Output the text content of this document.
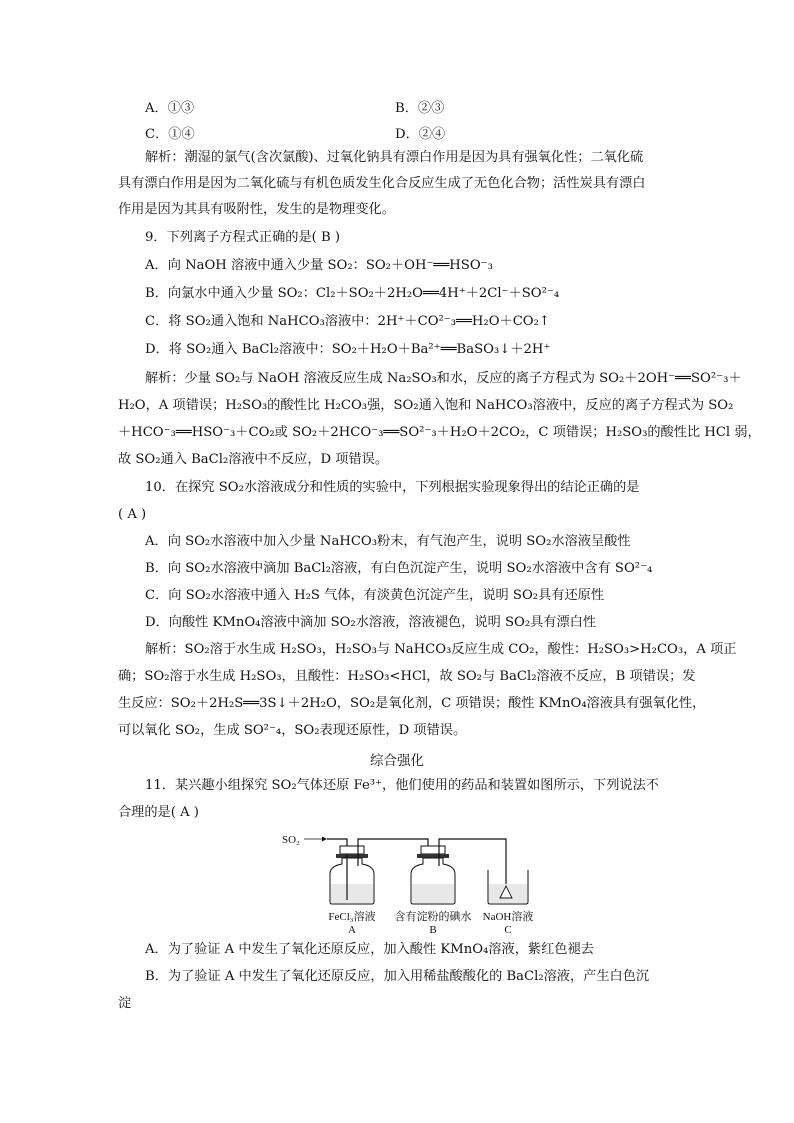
A．①③	B．②③
C．①④	D．②④
解析：潮湿的氯气(含次氯酸)、过氧化钠具有漂白作用是因为具有强氧化性；二氧化硫
具有漂白作用是因为二氧化硫与有机色质发生化合反应生成了无色化合物；活性炭具有漂白
作用是因为其具有吸附性，发生的是物理变化。
9．下列离子方程式正确的是( B )
A．向 NaOH 溶液中通入少量 SO₂：SO₂＋OH⁻══HSO⁻₃
B．向氯水中通入少量 SO₂：Cl₂＋SO₂＋2H₂O══4H⁺＋2Cl⁻＋SO²⁻₄
C．将 SO₂通入饱和 NaHCO₃溶液中：2H⁺＋CO²⁻₃══H₂O＋CO₂↑
D．将 SO₂通入 BaCl₂溶液中：SO₂＋H₂O＋Ba²⁺══BaSO₃↓＋2H⁺
解析：少量 SO₂与 NaOH 溶液反应生成 Na₂SO₃和水，反应的离子方程式为 SO₂＋2OH⁻══SO²⁻₃＋
H₂O，A 项错误；H₂SO₃的酸性比 H₂CO₃强，SO₂通入饱和 NaHCO₃溶液中，反应的离子方程式为 SO₂
＋HCO⁻₃══HSO⁻₃＋CO₂或 SO₂＋2HCO⁻₃══SO²⁻₃＋H₂O＋2CO₂，C 项错误；H₂SO₃的酸性比 HCl 弱，
故 SO₂通入 BaCl₂溶液中不反应，D 项错误。
10．在探究 SO₂水溶液成分和性质的实验中，下列根据实验现象得出的结论正确的是
( A )
A．向 SO₂水溶液中加入少量 NaHCO₃粉末，有气泡产生，说明 SO₂水溶液呈酸性
B．向 SO₂水溶液中滴加 BaCl₂溶液，有白色沉淀产生，说明 SO₂水溶液中含有 SO²⁻₄
C．向 SO₂水溶液中通入 H₂S 气体，有淡黄色沉淀产生，说明 SO₂具有还原性
D．向酸性 KMnO₄溶液中滴加 SO₂水溶液，溶液褪色，说明 SO₂具有漂白性
解析：SO₂溶于水生成 H₂SO₃，H₂SO₃与 NaHCO₃反应生成 CO₂，酸性：H₂SO₃>H₂CO₃，A 项正
确；SO₂溶于水生成 H₂SO₃，且酸性：H₂SO₃<HCl，故 SO₂与 BaCl₂溶液不反应，B 项错误；发
生反应：SO₂＋2H₂S══3S↓＋2H₂O，SO₂是氧化剂，C 项错误；酸性 KMnO₄溶液具有强氧化性，
可以氧化 SO₂，生成 SO²⁻₄，SO₂表现还原性，D 项错误。
综合强化
11．某兴趣小组探究 SO₂气体还原 Fe³⁺，他们使用的药品和装置如图所示，下列说法不
合理的是( A )
SO₂
FeCl₃溶液
A
含有淀粉的碘水
B
NaOH溶液
C
A．为了验证 A 中发生了氧化还原反应，加入酸性 KMnO₄溶液，紫红色褪去
B．为了验证 A 中发生了氧化还原反应，加入用稀盐酸酸化的 BaCl₂溶液，产生白色沉
淀
